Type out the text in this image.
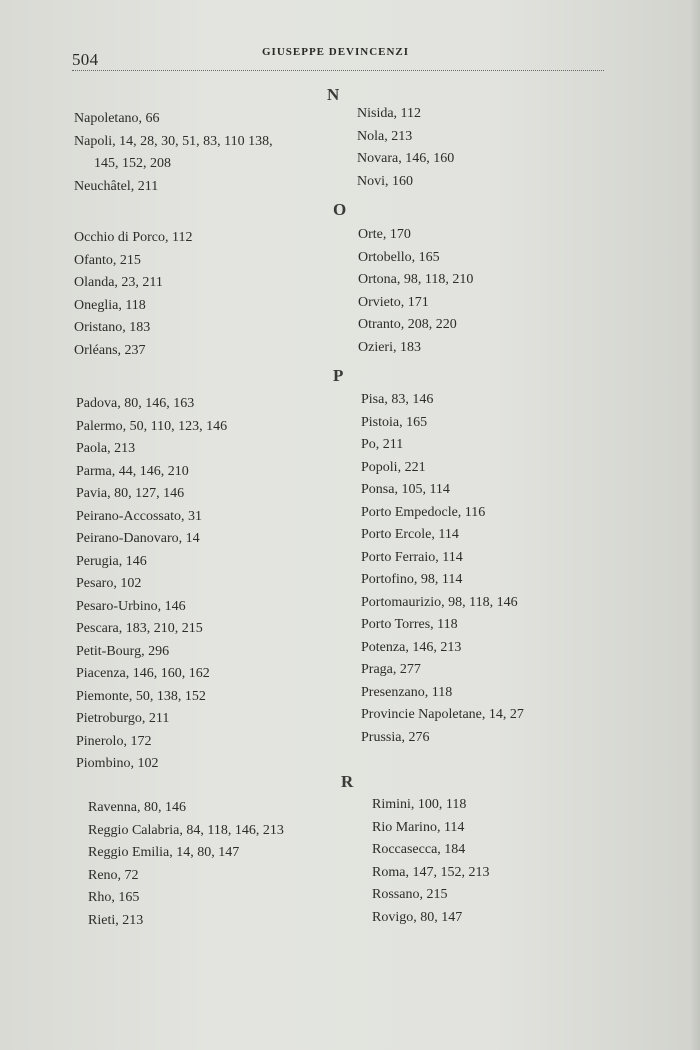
504	GIUSEPPE DEVINCENZI
N
Napoletano, 66
Napoli, 14, 28, 30, 51, 83, 110 138,
145, 152, 208
Neuchâtel, 211
Nisida, 112
Nola, 213
Novara, 146, 160
Novi, 160
O
Occhio di Porco, 112
Ofanto, 215
Olanda, 23, 211
Oneglia, 118
Oristano, 183
Orléans, 237
Orte, 170
Ortobello, 165
Ortona, 98, 118, 210
Orvieto, 171
Otranto, 208, 220
Ozieri, 183
P
Padova, 80, 146, 163
Palermo, 50, 110, 123, 146
Paola, 213
Parma, 44, 146, 210
Pavia, 80, 127, 146
Peirano-Accossato, 31
Peirano-Danovaro, 14
Perugia, 146
Pesaro, 102
Pesaro-Urbino, 146
Pescara, 183, 210, 215
Petit-Bourg, 296
Piacenza, 146, 160, 162
Piemonte, 50, 138, 152
Pietroburgo, 211
Pinerolo, 172
Piombino, 102
Pisa, 83, 146
Pistoia, 165
Po, 211
Popoli, 221
Ponsa, 105, 114
Porto Empedocle, 116
Porto Ercole, 114
Porto Ferraio, 114
Portofino, 98, 114
Portomaurizio, 98, 118, 146
Porto Torres, 118
Potenza, 146, 213
Praga, 277
Presenzano, 118
Provincie Napoletane, 14, 27
Prussia, 276
R
Ravenna, 80, 146
Reggio Calabria, 84, 118, 146, 213
Reggio Emilia, 14, 80, 147
Reno, 72
Rho, 165
Rieti, 213
Rimini, 100, 118
Rio Marino, 114
Roccasecca, 184
Roma, 147, 152, 213
Rossano, 215
Rovigo, 80, 147
